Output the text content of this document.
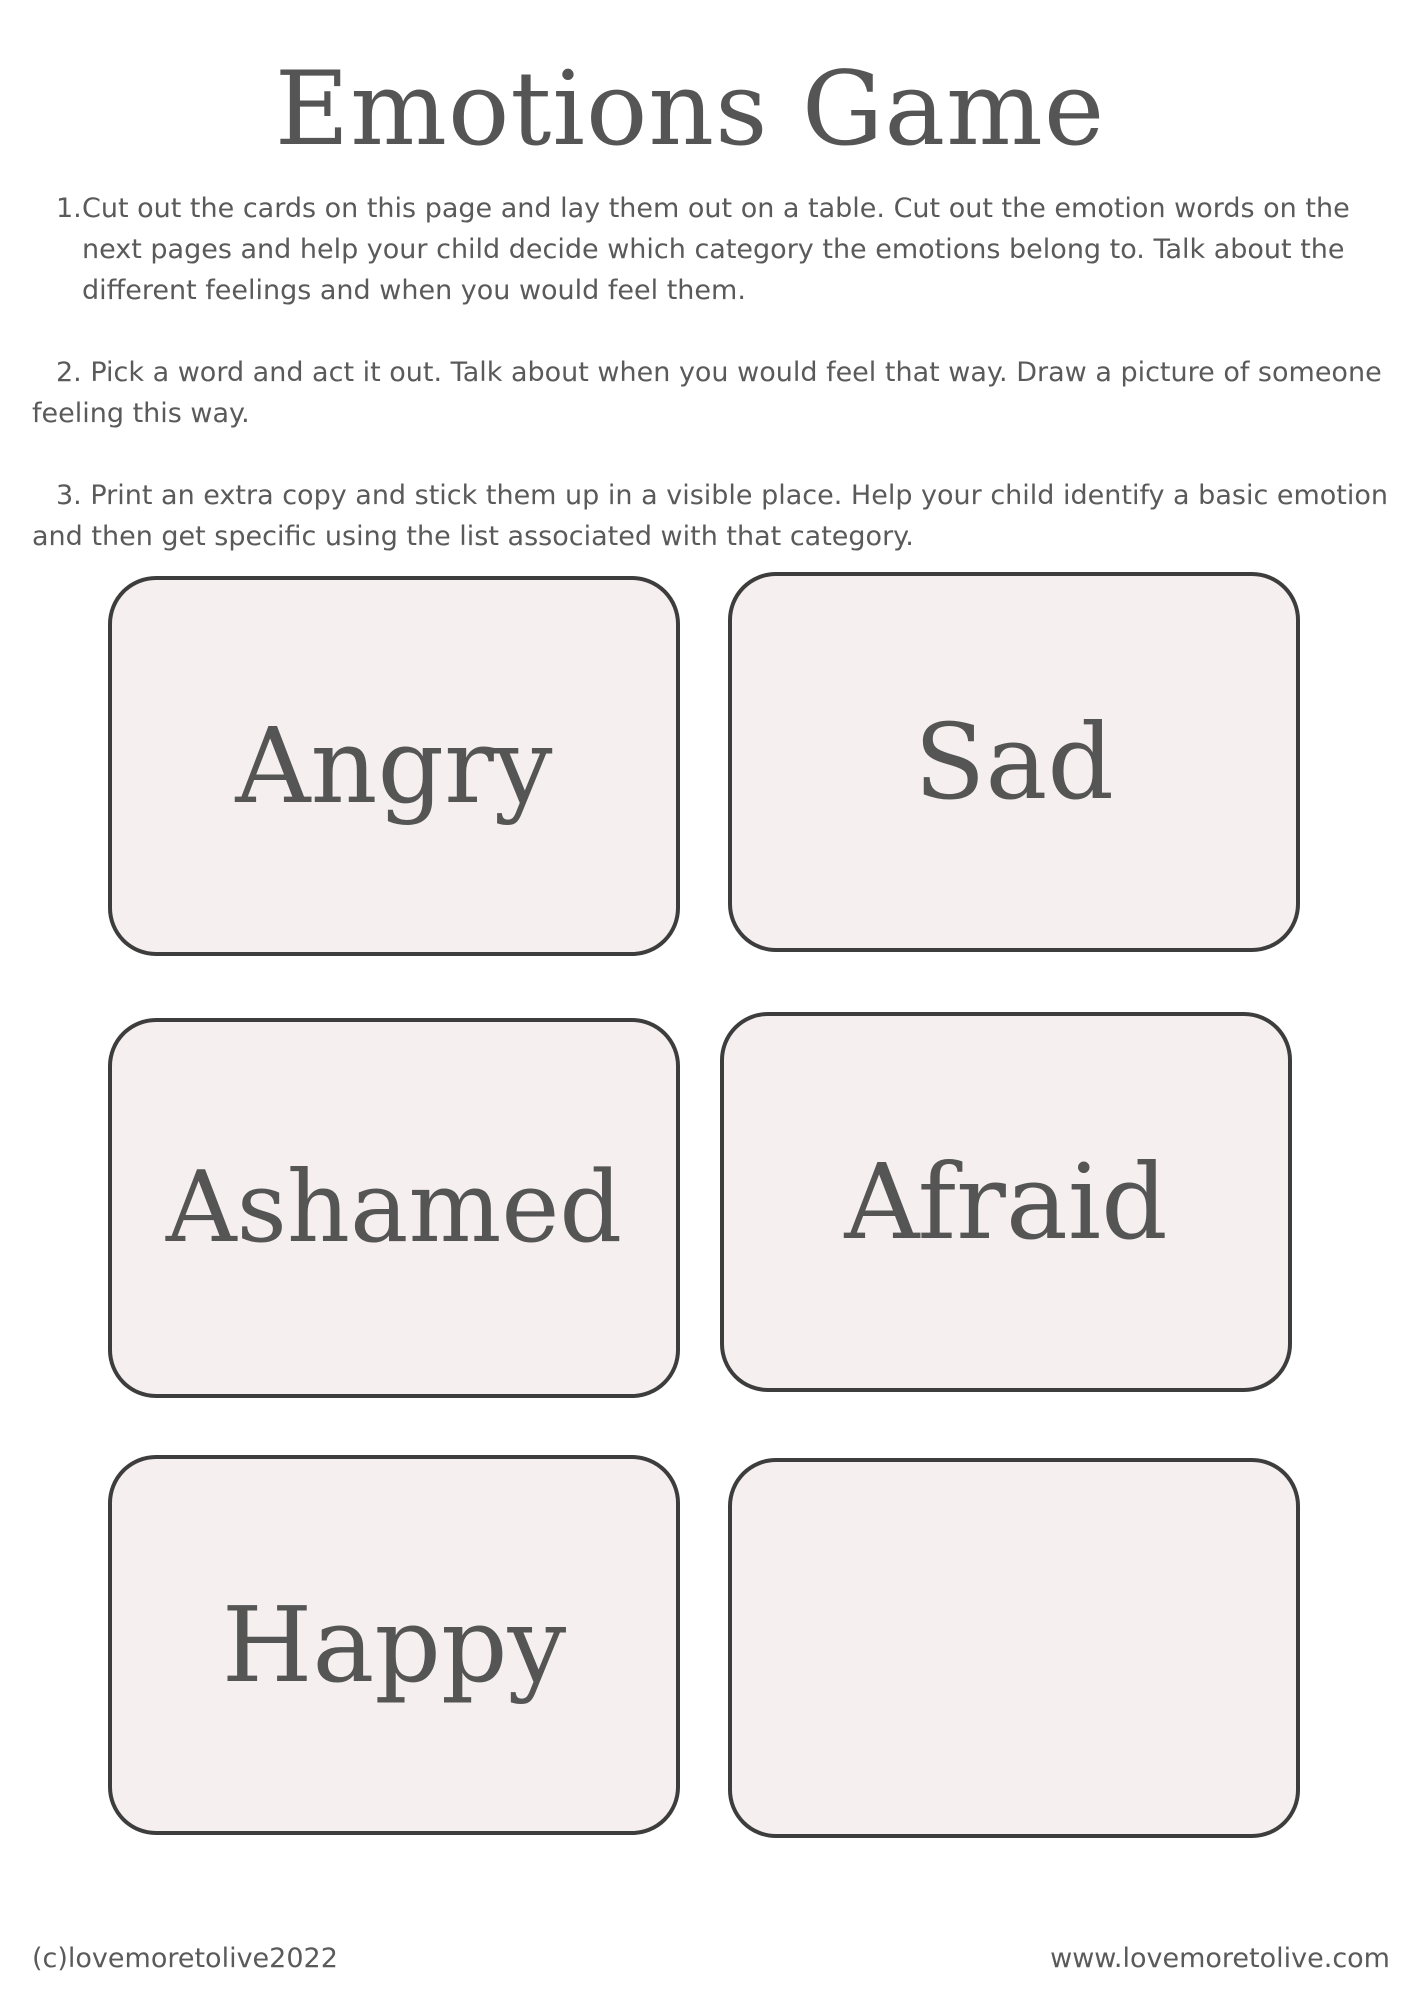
Emotions Game
1. Cut out the cards on this page and lay them out on a table. Cut out the emotion words on the next pages and help your child decide which category the emotions belong to. Talk about the different feelings and when you would feel them.
2. Pick a word and act it out. Talk about when you would feel that way. Draw a picture of someone feeling this way.
3. Print an extra copy and stick them up in a visible place. Help your child identify a basic emotion and then get specific using the list associated with that category.
Angry	Sad
Ashamed Afraid
Happy
(c)lovemoretolive2022	www.lovemoretolive.com
